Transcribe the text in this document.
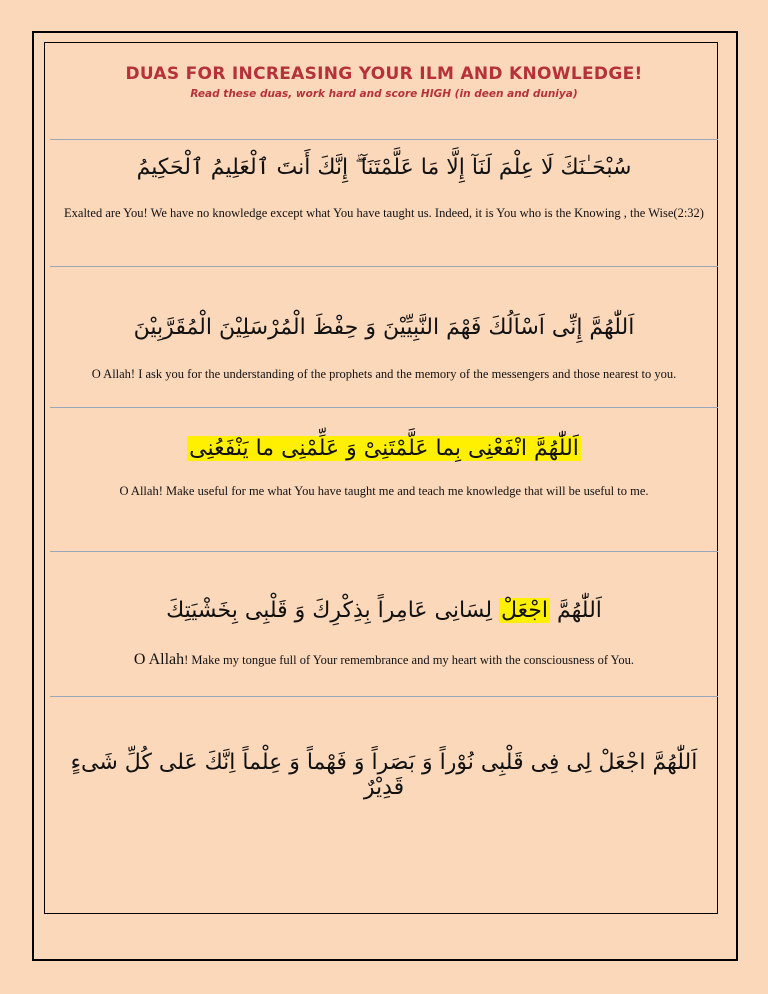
DUAS FOR INCREASING YOUR ILM AND KNOWLEDGE!
Read these duas, work hard and score HIGH (in deen and duniya)
سُبْحَـٰنَكَ لَا عِلْمَ لَنَآ إِلَّا مَا عَلَّمْتَنَآ ۖ إِنَّكَ أَنتَ ٱلْعَلِيمُ ٱلْحَكِيمُ
Exalted are You! We have no knowledge except what You have taught us. Indeed, it is You who is the Knowing , the Wise(2:32)
اَللّٰهُمَّ إِنِّى اَسْاَلُكَ فَهْمَ النَّبِيِّيْنَ وَ حِفْظَ الْمُرْسَلِيْنَ الْمُقَرَّبِيْنَ
O Allah! I ask you for the understanding of the prophets and the memory of the messengers and those nearest to you.
اَللّٰهُمَّ انْفَعْنِى بِما عَلَّمْتَنِىْ وَ عَلِّمْنِى ما يَنْفَعُنِى
O Allah! Make useful for me what You have taught me and teach me knowledge that will be useful to me.
اَللّٰهُمَّ اجْعَلْ لِسَانِى عَامِراً بِذِكْرِكَ وَ قَلْبِى بِخَشْيَتِكَ
O Allah! Make my tongue full of Your remembrance and my heart with the consciousness of You.
اَللّٰهُمَّ اجْعَلْ لِى فِى قَلْبِى نُوْراً وَ بَصَراً وَ فَهْماً وَ عِلْماً اِنَّكَ عَلى كُلِّ شَىءٍ قَدِيْرٌ
